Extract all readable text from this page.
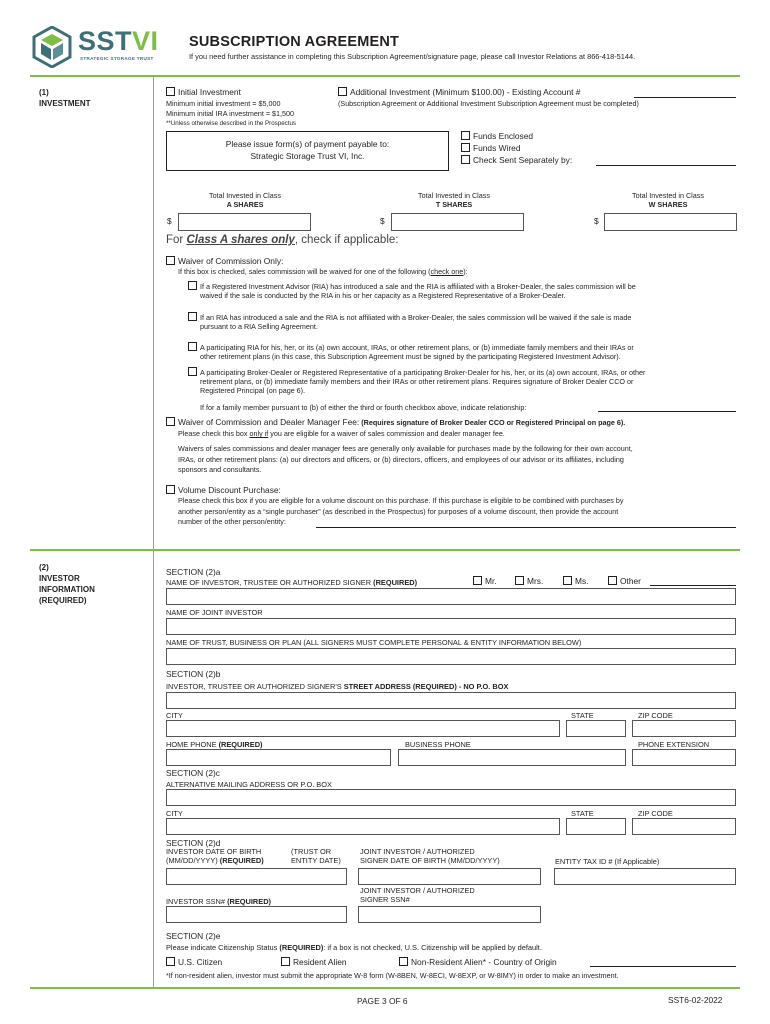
SSTVI
STRATEGIC STORAGE TRUST
SUBSCRIPTION AGREEMENT
If you need further assistance in completing this Subscription Agreement/signature page, please call Investor Relations at 866-418-5144.
(1)
INVESTMENT
Initial Investment
Minimum initial investment = $5,000
Minimum initial IRA investment = $1,500
**Unless otherwise described in the Prospectus
Additional Investment (Minimum $100.00) - Existing Account #
(Subscription Agreement or Additional Investment Subscription Agreement must be completed)
Please issue form(s) of payment payable to:
Strategic Storage Trust VI, Inc.
Funds Enclosed
Funds Wired
Check Sent Separately by:
Total Invested in Class
A SHARES
Total Invested in Class
T SHARES
Total Invested in Class
W SHARES
$	$	$
For Class A shares only, check if applicable:
Waiver of Commission Only:
If this box is checked, sales commission will be waived for one of the following (check one):
If a Registered Investment Advisor (RIA) has introduced a sale and the RIA is affiliated with a Broker-Dealer, the sales commission will be
waived if the sale is conducted by the RIA in his or her capacity as a Registered Representative of a Broker-Dealer.
If an RIA has introduced a sale and the RIA is not affiliated with a Broker-Dealer, the sales commission will be waived if the sale is made
pursuant to a RIA Selling Agreement.
A participating RIA for his, her, or its (a) own account, IRAs, or other retirement plans, or (b) immediate family members and their IRAs or
other retirement plans (in this case, this Subscription Agreement must be signed by the participating Registered Investment Advisor).
A participating Broker-Dealer or Registered Representative of a participating Broker-Dealer for his, her, or its (a) own account, IRAs, or other
retirement plans, or (b) immediate family members and their IRAs or other retirement plans. Requires signature of Broker Dealer CCO or
Registered Principal (on page 6).
If for a family member pursuant to (b) of either the third or fourth checkbox above, indicate relationship:
Waiver of Commission and Dealer Manager Fee: (Requires signature of Broker Dealer CCO or Registered Principal on page 6).
Please check this box only if you are eligible for a waiver of sales commission and dealer manager fee.
Waivers of sales commissions and dealer manager fees are generally only available for purchases made by the following for their own account,
IRAs, or other retirement plans: (a) our directors and officers, or (b) directors, officers, and employees of our advisor or its affiliates, including
sponsors and consultants.
Volume Discount Purchase:
Please check this box if you are eligible for a volume discount on this purchase. If this purchase is eligible to be combined with purchases by
another person/entity as a “single purchaser” (as described in the Prospectus) for purposes of a volume discount, then provide the account
number of the other person/entity:
(2)
INVESTOR
INFORMATION
(REQUIRED)
SECTION (2)a
NAME OF INVESTOR, TRUSTEE OR AUTHORIZED SIGNER (REQUIRED)	Mr.	Mrs.	Ms.	Other
NAME OF JOINT INVESTOR
NAME OF TRUST, BUSINESS OR PLAN (ALL SIGNERS MUST COMPLETE PERSONAL & ENTITY INFORMATION BELOW)
SECTION (2)b
INVESTOR, TRUSTEE OR AUTHORIZED SIGNER'S STREET ADDRESS (REQUIRED) - NO P.O. BOX
CITY	STATE	ZIP CODE
HOME PHONE (REQUIRED)	BUSINESS PHONE	PHONE EXTENSION
SECTION (2)c
ALTERNATIVE MAILING ADDRESS OR P.O. BOX
CITY	STATE	ZIP CODE
SECTION (2)d
INVESTOR DATE OF BIRTH
(MM/DD/YYYY) (REQUIRED)
(TRUST OR
ENTITY DATE)
JOINT INVESTOR / AUTHORIZED
SIGNER DATE OF BIRTH (MM/DD/YYYY)	ENTITY TAX ID # (If Applicable)
INVESTOR SSN# (REQUIRED)
JOINT INVESTOR / AUTHORIZED
SIGNER SSN#
SECTION (2)e
Please indicate Citizenship Status (REQUIRED): if a box is not checked, U.S. Citizenship will be applied by default.
U.S. Citizen	Resident Alien	Non-Resident Alien* - Country of Origin
*If non-resident alien, investor must submit the appropriate W-8 form (W-8BEN, W-8ECI, W-8EXP, or W-8IMY) in order to make an investment.
PAGE 3 OF 6	SST6-02-2022
